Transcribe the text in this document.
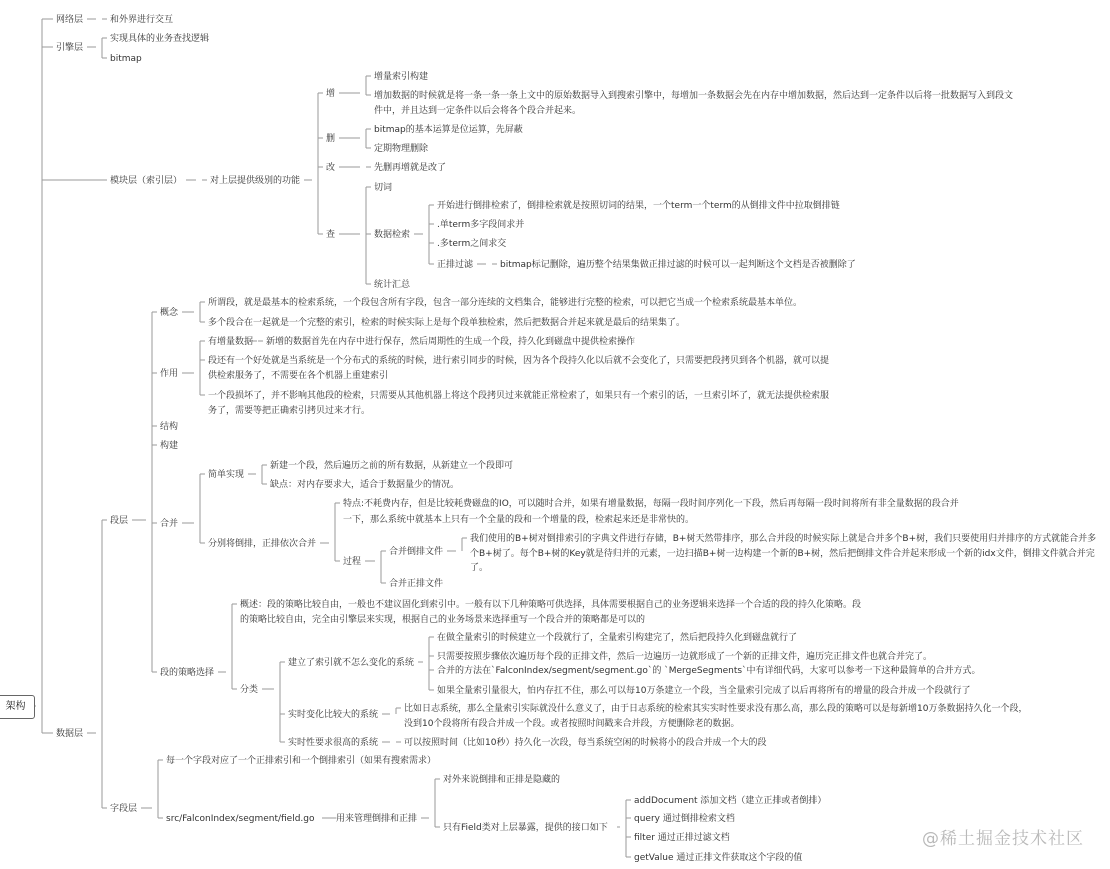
网络层	和外界进行交互
引擎层
实现具体的业务查找逻辑
bitmap
模块层（索引层）	对上层提供级别的功能
增
增量索引构建
增加数据的时候就是将一条一条一条上文中的原始数据导入到搜索引擎中，每增加一条数据会先在内存中增加数据，然后达到一定条件以后将一批数据写入到段文
件中，并且达到一定条件以后会将各个段合并起来。
删
bitmap的基本运算是位运算，先屏蔽
定期物理删除
改	先删再增就是改了
查
切词
数据检索
开始进行倒排检索了，倒排检索就是按照切词的结果，一个term一个term的从倒排文件中拉取倒排链
.单term多字段间求并
.多term之间求交
正排过滤	bitmap标记删除，遍历整个结果集做正排过滤的时候可以一起判断这个文档是否被删除了
统计汇总
数据层
段层
概念
所谓段，就是最基本的检索系统，一个段包含所有字段，包含一部分连续的文档集合，能够进行完整的检索，可以把它当成一个检索系统最基本单位。
多个段合在一起就是一个完整的索引，检索的时候实际上是每个段单独检索，然后把数据合并起来就是最后的结果集了。
作用
有增量数据 新增的数据首先在内存中进行保存，然后周期性的生成一个段，持久化到磁盘中提供检索操作
段还有一个好处就是当系统是一个分布式的系统的时候，进行索引同步的时候，因为各个段持久化以后就不会变化了，只需要把段拷贝到各个机器，就可以提
供检索服务了，不需要在各个机器上重建索引
一个段损坏了，并不影响其他段的检索，只需要从其他机器上将这个段拷贝过来就能正常检索了，如果只有一个索引的话，一旦索引坏了，就无法提供检索服
务了，需要等把正确索引拷贝过来才行。
结构
构建
合并
简单实现
新建一个段，然后遍历之前的所有数据，从新建立一个段即可
缺点：对内存要求大，适合于数据量少的情况。
分别将倒排，正排依次合并
特点:不耗费内存，但是比较耗费磁盘的IO，可以随时合并，如果有增量数据，每隔一段时间序列化一下段，然后再每隔一段时间将所有非全量数据的段合并
一下，那么系统中就基本上只有一个全量的段和一个增量的段，检索起来还是非常快的。
过程
合并倒排文件
我们使用的B+树对倒排索引的字典文件进行存储，B+树天然带排序，那么合并段的时候实际上就是合并多个B+树，我们只要使用归并排序的方式就能合并多
个B+树了。每个B+树的Key就是待归并的元素，一边扫描B+树一边构建一个新的B+树，然后把倒排文件合并起来形成一个新的idx文件，倒排文件就合并完
了。
合并正排文件
段的策略选择
概述：段的策略比较自由，一般也不建议固化到索引中。一般有以下几种策略可供选择，具体需要根据自己的业务逻辑来选择一个合适的段的持久化策略。段
的策略比较自由，完全由引擎层来实现，根据自己的业务场景来选择重写一个段合并的策略都是可以的
分类
建立了索引就不怎么变化的系统
在做全量索引的时候建立一个段就行了，全量索引构建完了，然后把段持久化到磁盘就行了
只需要按照步骤依次遍历每个段的正排文件，然后一边遍历一边就形成了一个新的正排文件，遍历完正排文件也就合并完了。
合并的方法在`FalconIndex/segment/segment.go`的 `MergeSegments`中有详细代码，大家可以参考一下这种最简单的合并方式。
如果全量索引量很大，怕内存扛不住，那么可以每10万条建立一个段，当全量索引完成了以后再将所有的增量的段合并成一个段就行了
实时变化比较大的系统
比如日志系统，那么全量索引实际就没什么意义了，由于日志系统的检索其实实时性要求没有那么高，那么段的策略可以是每新增10万条数据持久化一个段，
没到10个段将所有段合并成一个段。或者按照时间戳来合并段，方便删除老的数据。
实时性要求很高的系统	可以按照时间（比如10秒）持久化一次段，每当系统空闲的时候将小的段合并成一个大的段
字段层
每一个字段对应了一个正排索引和一个倒排索引（如果有搜索需求）
src/FalconIndex/segment/field.go 用来管理倒排和正排
对外来说倒排和正排是隐藏的
只有Field类对上层暴露，提供的接口如下
addDocument 添加文档（建立正排或者倒排）
query 通过倒排检索文档
filter 通过正排过滤文档
getValue 通过正排文件获取这个字段的值
架构
@稀土掘金技术社区
